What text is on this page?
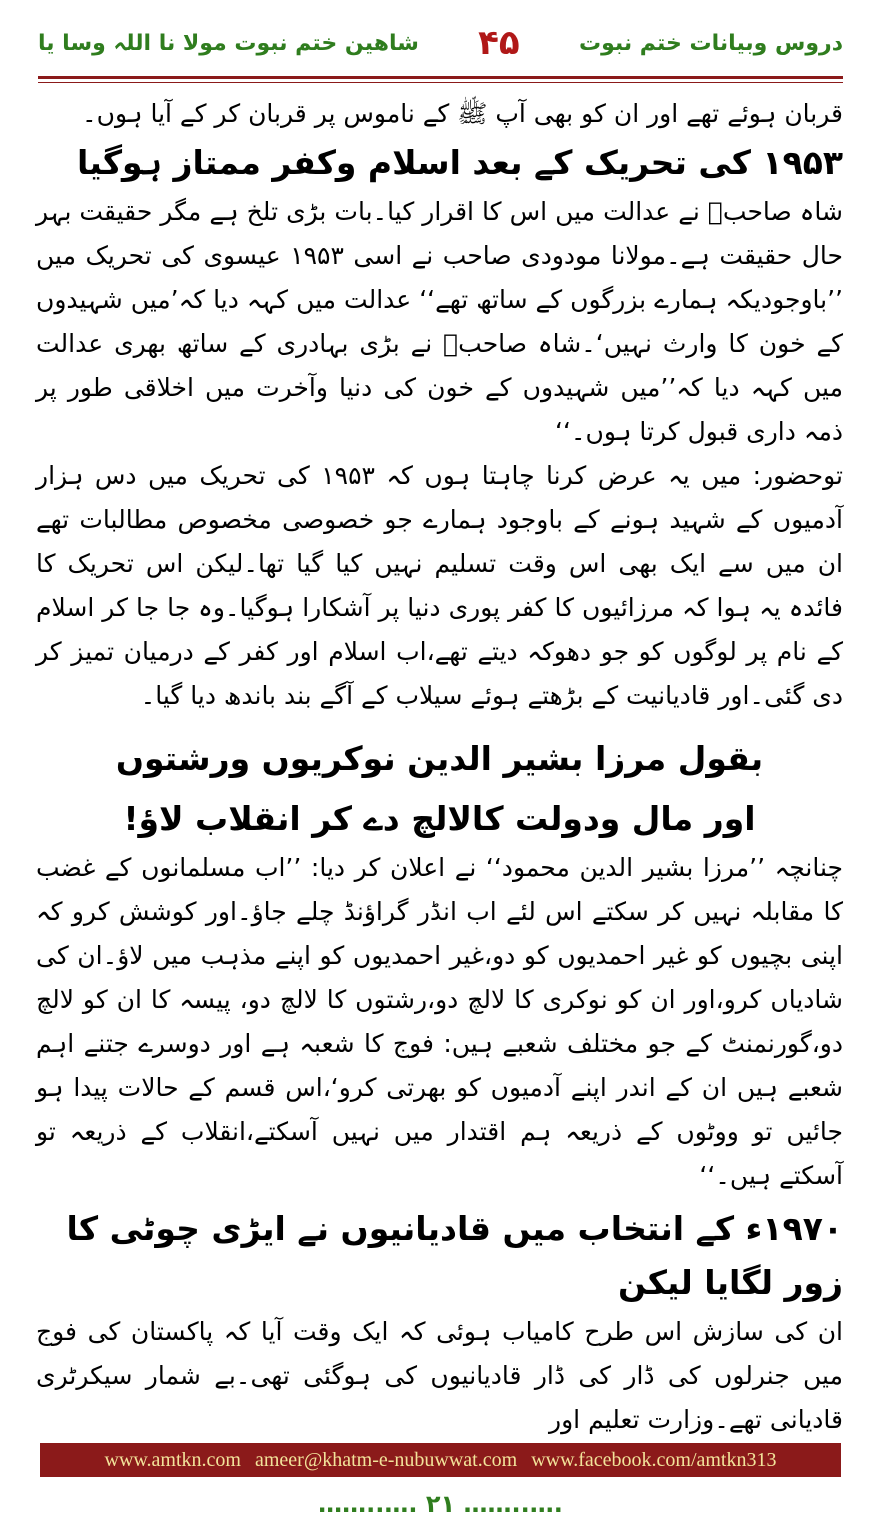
دروس وبیانات ختم نبوت
۴۵
شاھین ختم نبوت مولا نا اللہ وسا یا

قربان ہوئے تھے اور ان کو بھی آپ ﷺ کے ناموس پر قربان کر کے آیا ہوں۔

۱۹۵۳ کی تحریک کے بعد اسلام وکفر ممتاز ہوگیا

شاہ صاحبؒ نے عدالت میں اس کا اقرار کیا۔بات بڑی تلخ ہے مگر حقیقت بہر حال حقیقت ہے۔مولانا مودودی صاحب نے اسی ۱۹۵۳ عیسوی کی تحریک میں ’’باوجودیکہ ہمارے بزرگوں کے ساتھ تھے‘‘ عدالت میں کہہ دیا کہ’میں شہیدوں کے خون کا وارث نہیں‘۔شاہ صاحبؒ نے بڑی بہادری کے ساتھ بھری عدالت میں کہہ دیا کہ’’میں شہیدوں کے خون کی دنیا وآخرت میں اخلاقی طور پر ذمہ داری قبول کرتا ہوں۔‘‘

توحضور: میں یہ عرض کرنا چاہتا ہوں کہ ۱۹۵۳ کی تحریک میں دس ہزار آدمیوں کے شہید ہونے کے باوجود ہمارے جو خصوصی مخصوص مطالبات تھے ان میں سے ایک بھی اس وقت تسلیم نہیں کیا گیا تھا۔لیکن اس تحریک کا فائدہ یہ ہوا کہ مرزائیوں کا کفر پوری دنیا پر آشکارا ہوگیا۔وہ جا جا کر اسلام کے نام پر لوگوں کو جو دھوکہ دیتے تھے،اب اسلام اور کفر کے درمیان تمیز کر دی گئی۔اور قادیانیت کے بڑھتے ہوئے سیلاب کے آگے بند باندھ دیا گیا۔

بقول مرزا بشیر الدین نوکریوں ورشتوں
اور مال ودولت کالالچ دے کر انقلاب لاؤ!

چنانچہ ’’مرزا بشیر الدین محمود‘‘ نے اعلان کر دیا: ’’اب مسلمانوں کے غضب کا مقابلہ نہیں کر سکتے اس لئے اب انڈر گراؤنڈ چلے جاؤ۔اور کوشش کرو کہ اپنی بچیوں کو غیر احمدیوں کو دو،غیر احمدیوں کو اپنے مذہب میں لاؤ۔ان کی شادیاں کرو،اور ان کو نوکری کا لالچ دو،رشتوں کا لالچ دو، پیسہ کا ان کو لالچ دو،گورنمنٹ کے جو مختلف شعبے ہیں: فوج کا شعبہ ہے اور دوسرے جتنے اہم شعبے ہیں ان کے اندر اپنے آدمیوں کو بھرتی کرو‘،اس قسم کے حالات پیدا ہو جائیں تو ووٹوں کے ذریعہ ہم اقتدار میں نہیں آسکتے،انقلاب کے ذریعہ تو آسکتے ہیں۔‘‘

۱۹۷۰ء کے انتخاب میں قادیانیوں نے ایڑی چوٹی کا زور لگایا لیکن

ان کی سازش اس طرح کامیاب ہوئی کہ ایک وقت آیا کہ پاکستان کی فوج میں جنرلوں کی ڈار کی ڈار قادیانیوں کی ہوگئی تھی۔بے شمار سیکرٹری قادیانی تھے۔وزارت تعلیم اور

www.amtkn.com ameer@khatm-e-nubuwwat.com www.facebook.com/amtkn313
……..…. ۲۱ ……..….
